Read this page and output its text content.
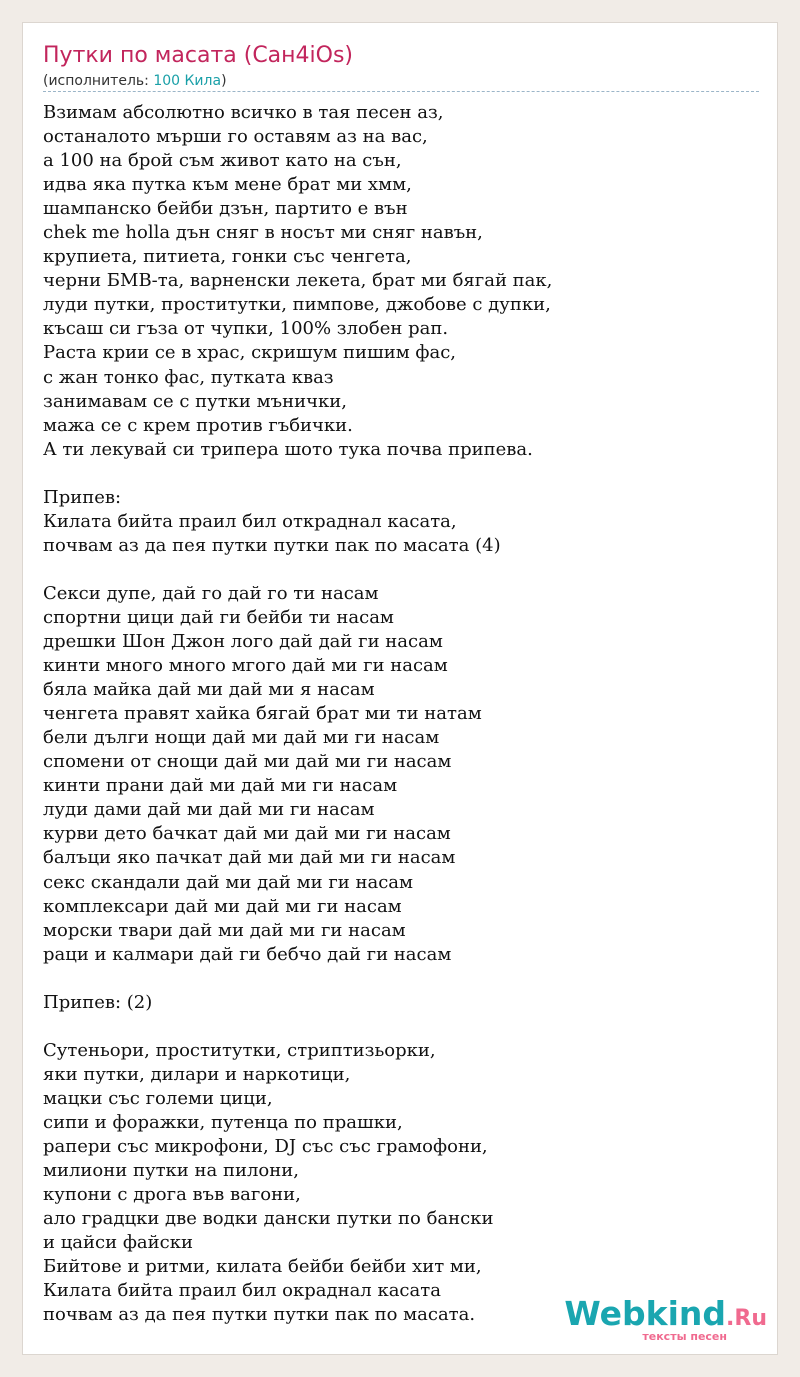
Путки по масата (Сан4iOs)
(исполнитель: 100 Кила)
Взимам абсолютно всичко в тая песен аз,
останалото мърши го оставям аз на вас,
а 100 на брой съм живот като на сън,
идва яка путка към мене брат ми хмм,
шампанско бейби дзън, партито е вън
chek me holla дън сняг в носът ми сняг навън,
крупиета, питиета, гонки със ченгета,
черни БМВ-та, варненски лекета, брат ми бягай пак,
луди путки, проститутки, пимпове, джобове с дупки,
късаш си гъза от чупки, 100% злобен рап.
Раста крии се в храс, скришум пишим фас,
с жан тонко фас, путката кваз
занимавам се с путки мънички,
мажа се с крем против гъбички.
А ти лекувай си трипера шото тука почва припева.

Припев:
Килата бийта праил бил откраднал касата,
почвам аз да пея путки путки пак по масата (4)

Секси дупе, дай го дай го ти насам
спортни цици дай ги бейби ти насам
дрешки Шон Джон лого дай дай ги насам
кинти много много мгого дай ми ги насам
бяла майка дай ми дай ми я насам
ченгета правят хайка бягай брат ми ти натам
бели дълги нощи дай ми дай ми ги насам
спомени от снощи дай ми дай ми ги насам
кинти прани дай ми дай ми ги насам
луди дами дай ми дай ми ги насам
курви дето бачкат дай ми дай ми ги насам
балъци яко пачкат дай ми дай ми ги насам
секс скандали дай ми дай ми ги насам
комплексари дай ми дай ми ги насам
морски твари дай ми дай ми ги насам
раци и калмари дай ги бебчо дай ги насам

Припев: (2)

Сутеньори, проститутки, стриптизьорки,
яки путки, дилари и наркотици,
мацки със големи цици,
сипи и форажки, путенца по прашки,
рапери със микрофони, DJ със със грамофони,
милиони путки на пилони,
купони с дрога във вагони,
ало градцки две водки дански путки по бански
и цайси файски
Бийтове и ритми, килата бейби бейби хит ми,
Килата бийта праил бил окраднал касата
почвам аз да пея путки путки пак по масата.	Webkind.Ru
тексты песен
